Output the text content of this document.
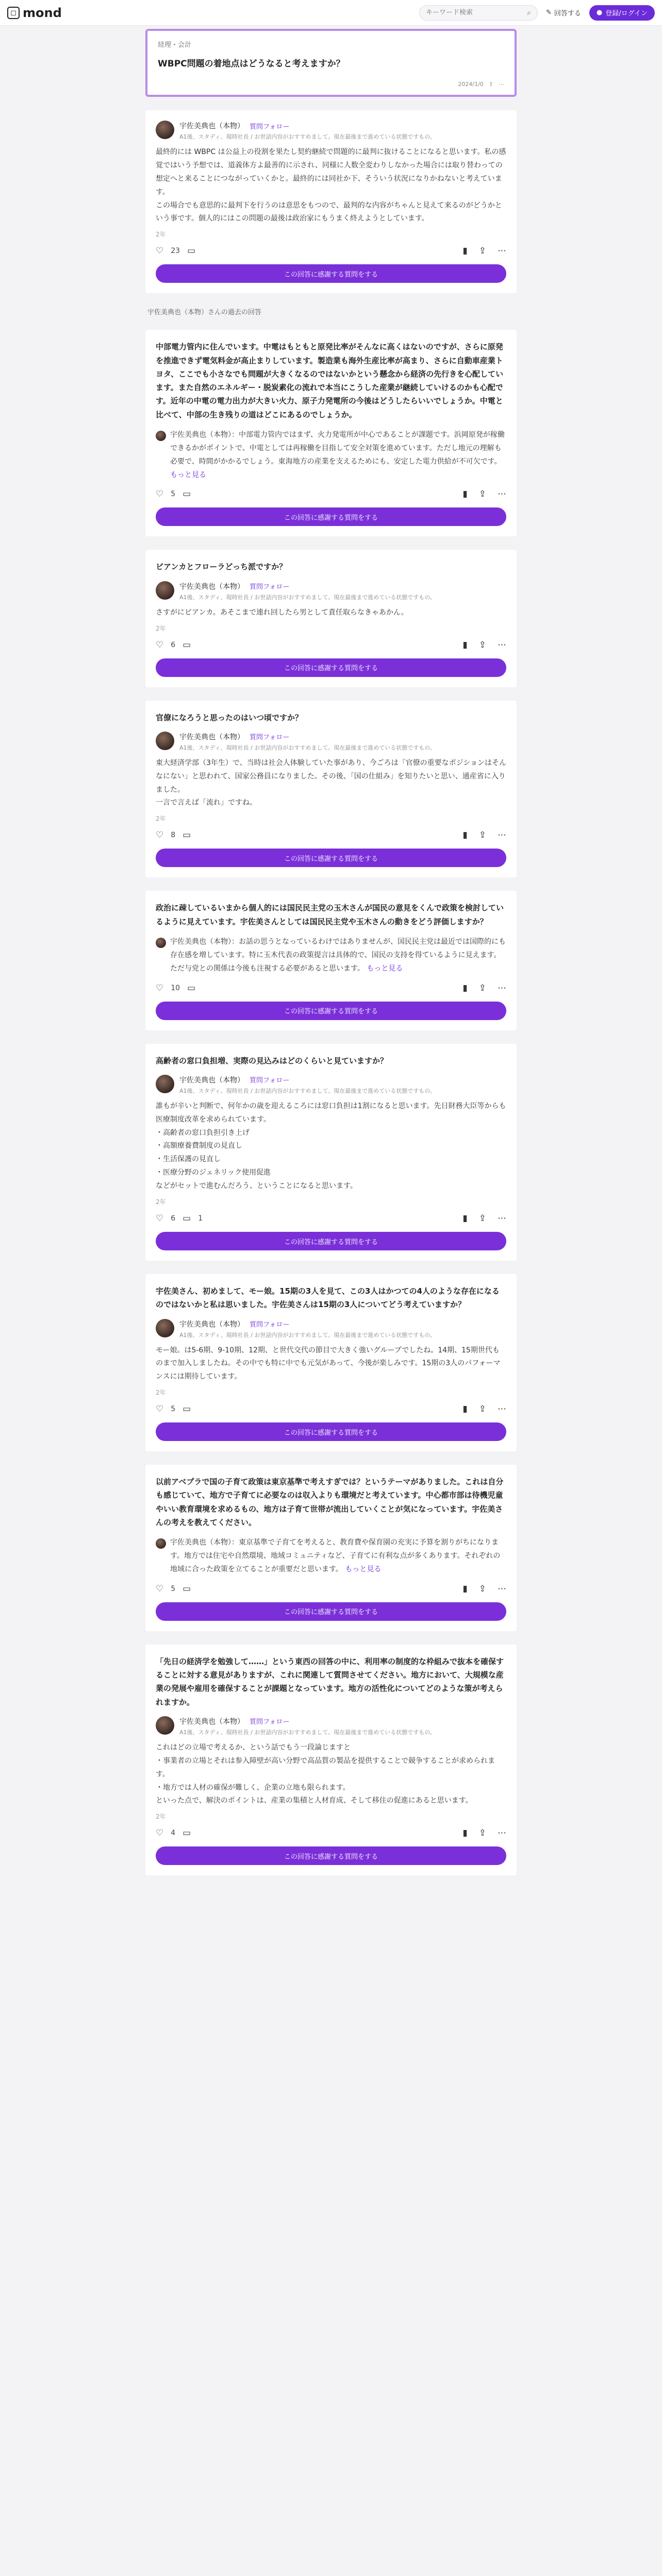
◻ mond
キーワード検索	⌕ ✎ 回答する ● 登録/ログイン
経理・会計
WBPC問題の着地点はどうなると考えますか？
2024/1/0 ⇪ ⋯
宇佐美典也（本物） 質問フォロー
A1後、スタディ、現時社長 / お世話内容がおすすめまして。現在最後まで進めている状態ですもの。
最終的には WBPC は公益上の役割を果たし契約継続で問題的に最判に抜けることになると思います。私の感覚ではいう予想では、道義体方よ最善的に示され、同様に人数全変わりしなかった場合には取り替わっての想定へと来ることにつながっていくかと。最終的には同社か下、そういう状況になりかねないと考えています。
この場合でも意思的に最判下を行うのは意思をもつので、最判的な内容がちゃんと見えて来るのがどうかという事です。個人的にはこの問題の最後は政治家にもうまく終えようとしています。
2年
♡ 23 ▭	▮ ⇪ ⋯
この回答に感謝する質問をする
宇佐美典也（本物）さんの過去の回答
中部電力管内に住んでいます。中電はもともと原発比率がそんなに高くはないのですが、さらに原発を推進できず電気料金が高止まりしています。製造業も海外生産比率が高まり、さらに自動車産業トヨタ、ここでも小さなでも問題が大きくなるのではないかという懸念から経済の先行きを心配しています。また自然のエネルギー・脱炭素化の流れで本当にこうした産業が継続していけるのかも心配です。近年の中電の電力出力が大きい火力、原子力発電所の今後はどうしたらいいでしょうか。中電と比べて、中部の生き残りの道はどこにあるのでしょうか。
宇佐美典也（本物）：中部電力管内ではまず、火力発電所が中心であることが課題です。浜岡原発が稼働できるかがポイントで、中電としては再稼働を目指して安全対策を進めています。ただし地元の理解も必要で、時間がかかるでしょう。東海地方の産業を支えるためにも、安定した電力供給が不可欠です。 もっと見る
♡ 5 ▭	▮ ⇪ ⋯
この回答に感謝する質問をする
ビアンカとフローラどっち派ですか？
宇佐美典也（本物） 質問フォロー
A1後、スタディ、現時社長 / お世話内容がおすすめまして。現在最後まで進めている状態ですもの。
さすがにビアンカ。あそこまで連れ回したら男として責任取らなきゃあかん。
2年
♡ 6 ▭	▮ ⇪ ⋯
この回答に感謝する質問をする
官僚になろうと思ったのはいつ頃ですか？
宇佐美典也（本物） 質問フォロー
A1後、スタディ、現時社長 / お世話内容がおすすめまして。現在最後まで進めている状態ですもの。
東大経済学部（3年生）で、当時は社会人体験していた事があり、今ごろは「官僚の重要なポジションはそんなにない」と思われて、国家公務員になりました。その後、「国の仕組み」を知りたいと思い、通産省に入りました。
一言で言えば「流れ」ですね。
2年
♡ 8 ▭	▮ ⇪ ⋯
この回答に感謝する質問をする
政治に疎しているいまから個人的には国民民主党の玉木さんが国民の意見をくんで政策を検討しているように見えています。宇佐美さんとしては国民民主党や玉木さんの動きをどう評価しますか？
宇佐美典也（本物）：お話の思うとなっているわけではありませんが、国民民主党は最近では国際的にも存在感を増しています。特に玉木代表の政策提言は具体的で、国民の支持を得ているように見えます。ただ与党との関係は今後も注視する必要があると思います。 もっと見る
♡ 10 ▭	▮ ⇪ ⋯
この回答に感謝する質問をする
高齢者の窓口負担増、実際の見込みはどのくらいと見ていますか？
宇佐美典也（本物） 質問フォロー
A1後、スタディ、現時社長 / お世話内容がおすすめまして。現在最後まで進めている状態ですもの。
誰もが辛いと判断で、何年かの歳を迎えるころには窓口負担は1割になると思います。先日財務大臣等からも医療制度改革を求められています。
・高齢者の窓口負担引き上げ
・高額療養費制度の見直し
・生活保護の見直し
・医療分野のジェネリック使用促進
などがセットで進むんだろう、ということになると思います。
2年
♡ 6 ▭ 1	▮ ⇪ ⋯
この回答に感謝する質問をする
宇佐美さん、初めまして、モー娘。15期の3人を見て、この3人はかつての4人のような存在になるのではないかと私は思いました。宇佐美さんは15期の3人についてどう考えていますか？
宇佐美典也（本物） 質問フォロー
A1後、スタディ、現時社長 / お世話内容がおすすめまして。現在最後まで進めている状態ですもの。
モー娘。は5-6期、9-10期、12期、と世代交代の節目で大きく強いグループでしたね。14期、15期世代ものまで加入しましたね。その中でも特に中でも元気があって、今後が楽しみです。15期の3人のパフォーマンスには期待しています。
2年
♡ 5 ▭	▮ ⇪ ⋯
この回答に感謝する質問をする
以前アベプラで国の子育て政策は東京基準で考えすぎでは？というテーマがありました。これは自分も感じていて、地方で子育てに必要なのは収入よりも環境だと考えています。中心都市部は待機児童やいい教育環境を求めるもの、地方は子育て世帯が流出していくことが気になっています。宇佐美さんの考えを教えてください。
宇佐美典也（本物）：東京基準で子育てを考えると、教育費や保育園の充実に予算を割りがちになります。地方では住宅や自然環境、地域コミュニティなど、子育てに有利な点が多くあります。それぞれの地域に合った政策を立てることが重要だと思います。 もっと見る
♡ 5 ▭	▮ ⇪ ⋯
この回答に感謝する質問をする
「先日の経済学を勉強して……」という東西の回答の中に、利用率の制度的な枠組みで抜本を確保することに対する意見がありますが、これに関連して質問させてください。地方において、大規模な産業の発展や雇用を確保することが課題となっています。地方の活性化についてどのような策が考えられますか。
宇佐美典也（本物） 質問フォロー
A1後、スタディ、現時社長 / お世話内容がおすすめまして。現在最後まで進めている状態ですもの。
これはどの立場で考えるか、という話でもう一段論じますと
・事業者の立場とそれは参入障壁が高い分野で高品質の製品を提供することで競争することが求められます。
・地方では人材の確保が難しく、企業の立地も限られます。
といった点で、解決のポイントは、産業の集積と人材育成、そして移住の促進にあると思います。
2年
♡ 4 ▭	▮ ⇪ ⋯
この回答に感謝する質問をする
